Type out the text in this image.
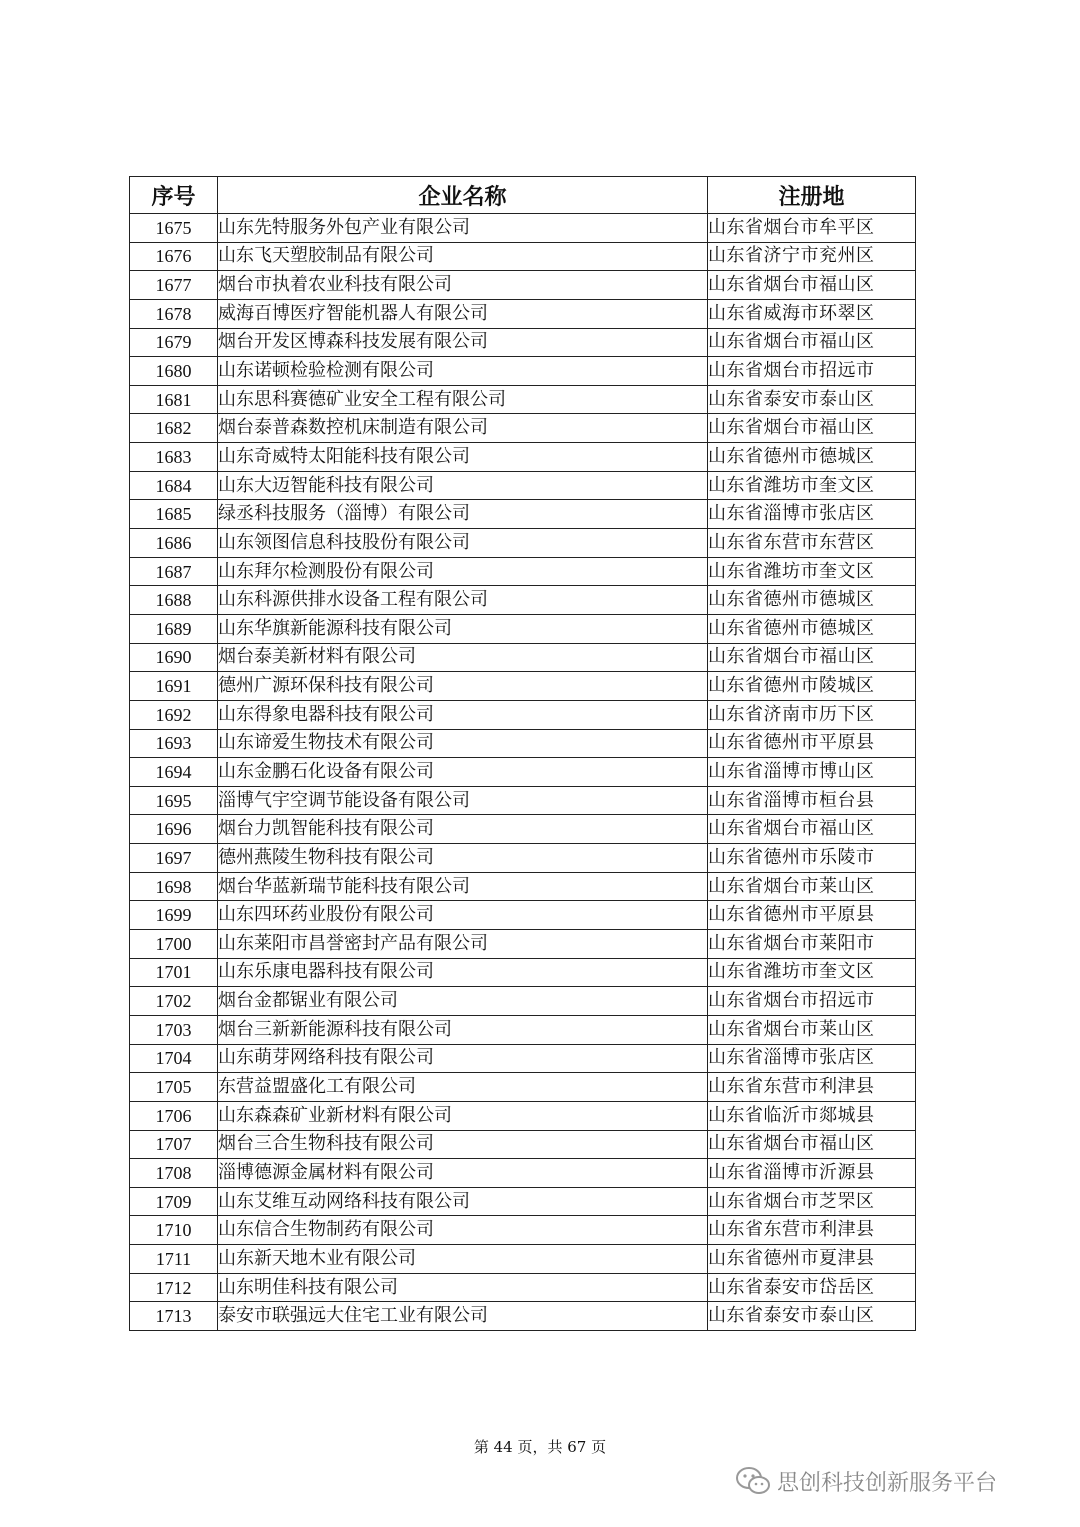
序号	企业名称	注册地
1675	山东先特服务外包产业有限公司	山东省烟台市牟平区
1676	山东飞天塑胶制品有限公司	山东省济宁市兖州区
1677	烟台市执着农业科技有限公司	山东省烟台市福山区
1678	威海百博医疗智能机器人有限公司	山东省威海市环翠区
1679	烟台开发区博森科技发展有限公司	山东省烟台市福山区
1680	山东诺顿检验检测有限公司	山东省烟台市招远市
1681	山东思科赛德矿业安全工程有限公司	山东省泰安市泰山区
1682	烟台泰普森数控机床制造有限公司	山东省烟台市福山区
1683	山东奇威特太阳能科技有限公司	山东省德州市德城区
1684	山东大迈智能科技有限公司	山东省潍坊市奎文区
1685	绿丞科技服务（淄博）有限公司	山东省淄博市张店区
1686	山东领图信息科技股份有限公司	山东省东营市东营区
1687	山东拜尔检测股份有限公司	山东省潍坊市奎文区
1688	山东科源供排水设备工程有限公司	山东省德州市德城区
1689	山东华旗新能源科技有限公司	山东省德州市德城区
1690	烟台泰美新材料有限公司	山东省烟台市福山区
1691	德州广源环保科技有限公司	山东省德州市陵城区
1692	山东得象电器科技有限公司	山东省济南市历下区
1693	山东谛爱生物技术有限公司	山东省德州市平原县
1694	山东金鹏石化设备有限公司	山东省淄博市博山区
1695	淄博气宇空调节能设备有限公司	山东省淄博市桓台县
1696	烟台力凯智能科技有限公司	山东省烟台市福山区
1697	德州燕陵生物科技有限公司	山东省德州市乐陵市
1698	烟台华蓝新瑞节能科技有限公司	山东省烟台市莱山区
1699	山东四环药业股份有限公司	山东省德州市平原县
1700	山东莱阳市昌誉密封产品有限公司	山东省烟台市莱阳市
1701	山东乐康电器科技有限公司	山东省潍坊市奎文区
1702	烟台金都锯业有限公司	山东省烟台市招远市
1703	烟台三新新能源科技有限公司	山东省烟台市莱山区
1704	山东萌芽网络科技有限公司	山东省淄博市张店区
1705	东营益盟盛化工有限公司	山东省东营市利津县
1706	山东森森矿业新材料有限公司	山东省临沂市郯城县
1707	烟台三合生物科技有限公司	山东省烟台市福山区
1708	淄博德源金属材料有限公司	山东省淄博市沂源县
1709	山东艾维互动网络科技有限公司	山东省烟台市芝罘区
1710	山东信合生物制药有限公司	山东省东营市利津县
1711	山东新天地木业有限公司	山东省德州市夏津县
1712	山东明佳科技有限公司	山东省泰安市岱岳区
1713	泰安市联强远大住宅工业有限公司	山东省泰安市泰山区
第 44 页，共 67 页
思创科技创新服务平台
